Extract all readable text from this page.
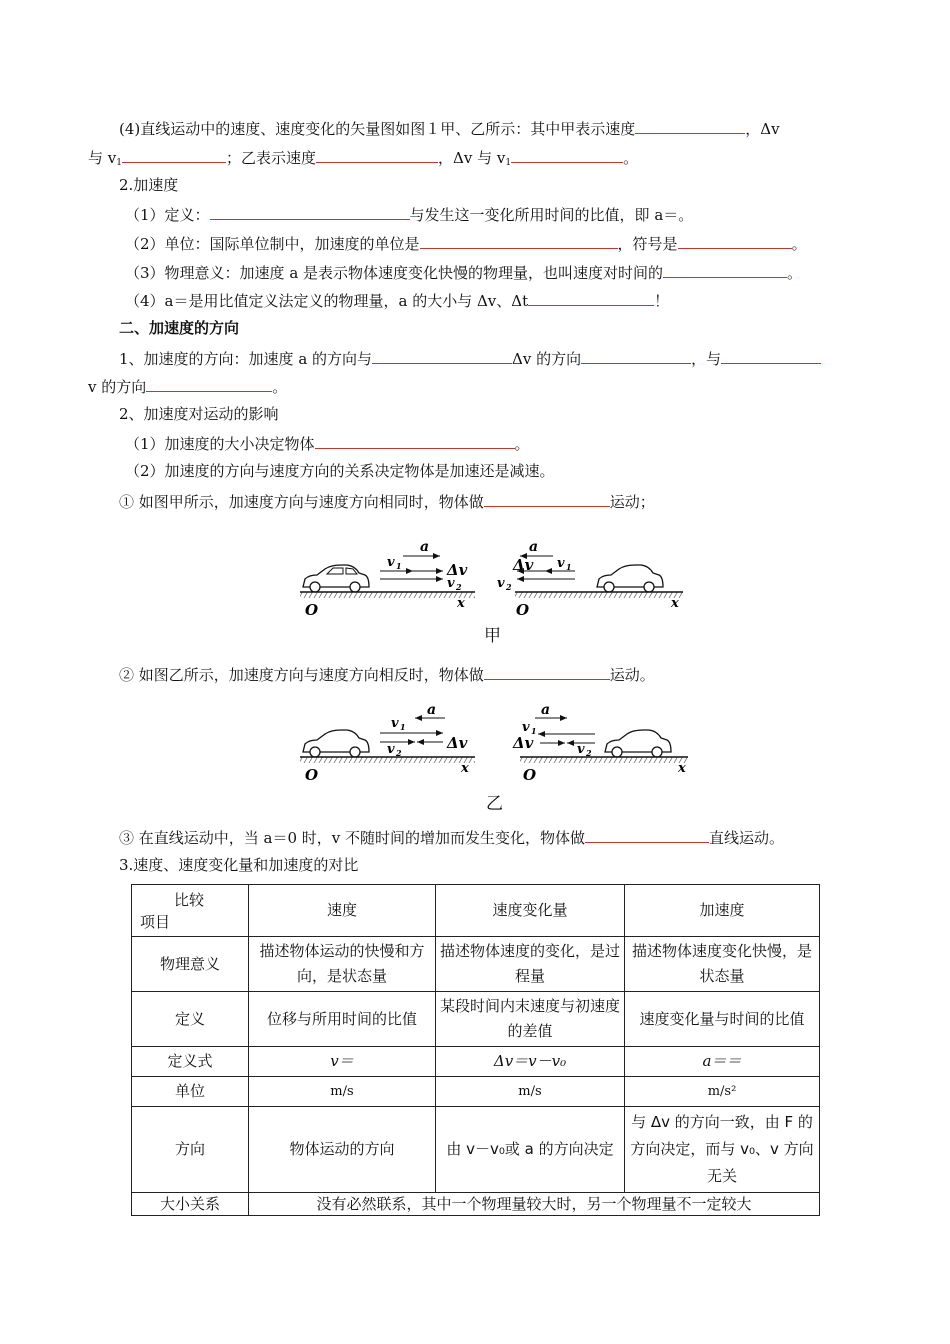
(4)直线运动中的速度、速度变化的矢量图如图１甲、乙所示：其中甲表示速度	，Δv
与 $v_1$	；乙表示速度	，Δv 与 $v_1$	。
2.加速度
（1）定义：	与发生这一变化所用时间的比值，即 a＝。
（2）单位：国际单位制中，加速度的单位是	，符号是	。
（3）物理意义：加速度 a 是表示物体速度变化快慢的物理量，也叫速度对时间的	。
（4）a＝是用比值定义法定义的物理量，a 的大小与 Δv、Δt	！
二、加速度的方向
1、加速度的方向：加速度 a 的方向与	Δv 的方向	，与
v 的方向	。
2、加速度对运动的影响
（1）加速度的大小决定物体	。
（2）加速度的方向与速度方向的关系决定物体是加速还是减速。
① 如图甲所示，加速度方向与速度方向相同时，物体做	运动；
O	x
a
v 1	Δv
v 2
O	x
a
Δv v 1
v 2
甲
② 如图乙所示，加速度方向与速度方向相反时，物体做	运动。
O	x
a
v 1
v 2
Δv
O	x
a
v 1
Δv	v 2
乙
③ 在直线运动中，当 a＝0 时，v 不随时间的增加而发生变化，物体做	直线运动。
3.速度、速度变化量和加速度的对比
比较
项目	速度	速度变化量	加速度
物理意义	描述物体运动的快慢和方向，是状态量	描述物体速度的变化，是过程量	描述物体速度变化快慢，是状态量
定义	位移与所用时间的比值	某段时间内末速度与初速度的差值	速度变化量与时间的比值
定义式	v＝	Δv＝v－v₀	a＝＝
单位	m/s	m/s	m/s²
方向	物体运动的方向	由 v－v₀或 a 的方向决定	与 Δv 的方向一致，由 F 的方向决定，而与 v₀、v 方向无关
大小关系	没有必然联系，其中一个物理量较大时，另一个物理量不一定较大		
